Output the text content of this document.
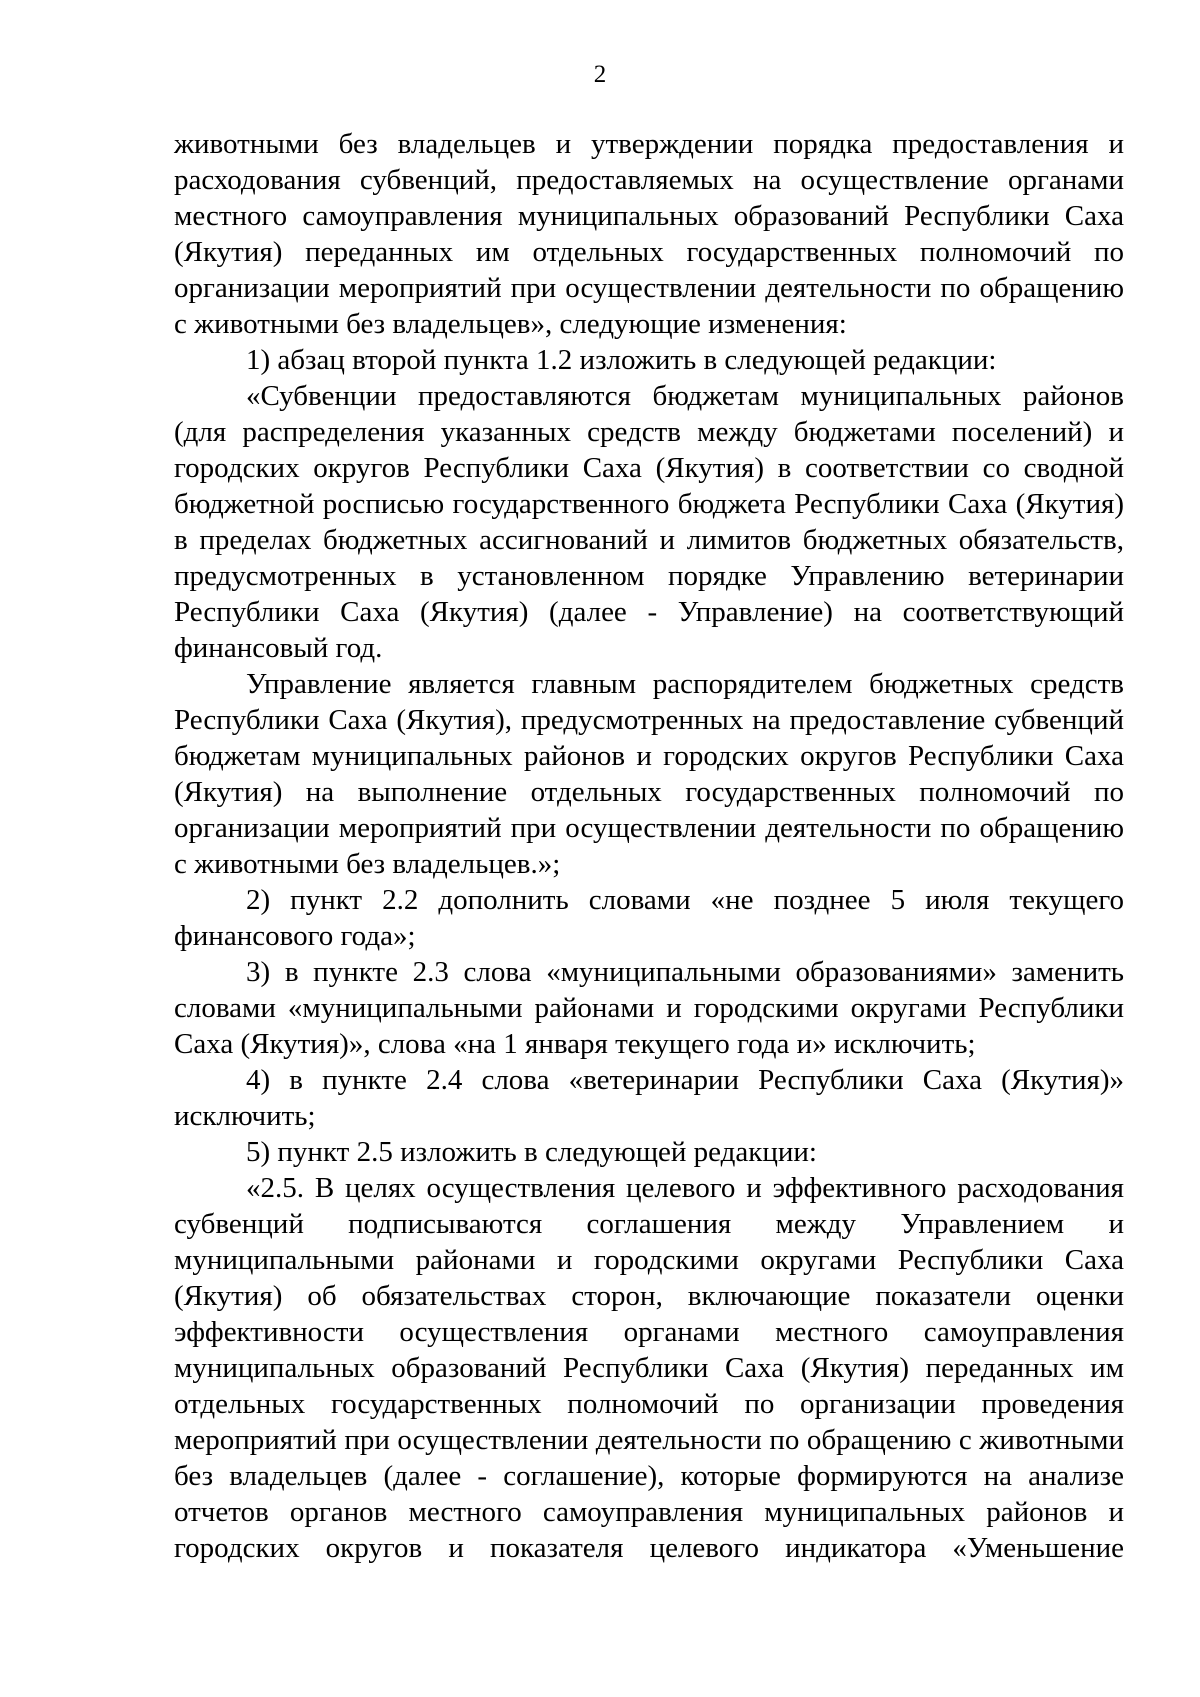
2

животными без владельцев и утверждении порядка предоставления и расходования субвенций, предоставляемых на осуществление органами местного самоуправления муниципальных образований Республики Саха (Якутия) переданных им отдельных государственных полномочий по организации мероприятий при осуществлении деятельности по обращению с животными без владельцев», следующие изменения:

1) абзац второй пункта 1.2 изложить в следующей редакции:

«Субвенции предоставляются бюджетам муниципальных районов (для распределения указанных средств между бюджетами поселений) и городских округов Республики Саха (Якутия) в соответствии со сводной бюджетной росписью государственного бюджета Республики Саха (Якутия) в пределах бюджетных ассигнований и лимитов бюджетных обязательств, предусмотренных в установленном порядке Управлению ветеринарии Республики Саха (Якутия) (далее - Управление) на соответствующий финансовый год.

Управление является главным распорядителем бюджетных средств Республики Саха (Якутия), предусмотренных на предоставление субвенций бюджетам муниципальных районов и городских округов Республики Саха (Якутия) на выполнение отдельных государственных полномочий по организации мероприятий при осуществлении деятельности по обращению с животными без владельцев.»;

2) пункт 2.2 дополнить словами «не позднее 5 июля текущего финансового года»;

3) в пункте 2.3 слова «муниципальными образованиями» заменить словами «муниципальными районами и городскими округами Республики Саха (Якутия)», слова «на 1 января текущего года и» исключить;

4) в пункте 2.4 слова «ветеринарии Республики Саха (Якутия)» исключить;

5) пункт 2.5 изложить в следующей редакции:

«2.5. В целях осуществления целевого и эффективного расходования субвенций подписываются соглашения между Управлением и муниципальными районами и городскими округами Республики Саха (Якутия) об обязательствах сторон, включающие показатели оценки эффективности осуществления органами местного самоуправления муниципальных образований Республики Саха (Якутия) переданных им отдельных государственных полномочий по организации проведения мероприятий при осуществлении деятельности по обращению с животными без владельцев (далее - соглашение), которые формируются на анализе отчетов органов местного самоуправления муниципальных районов и городских округов и показателя целевого индикатора «Уменьшение
